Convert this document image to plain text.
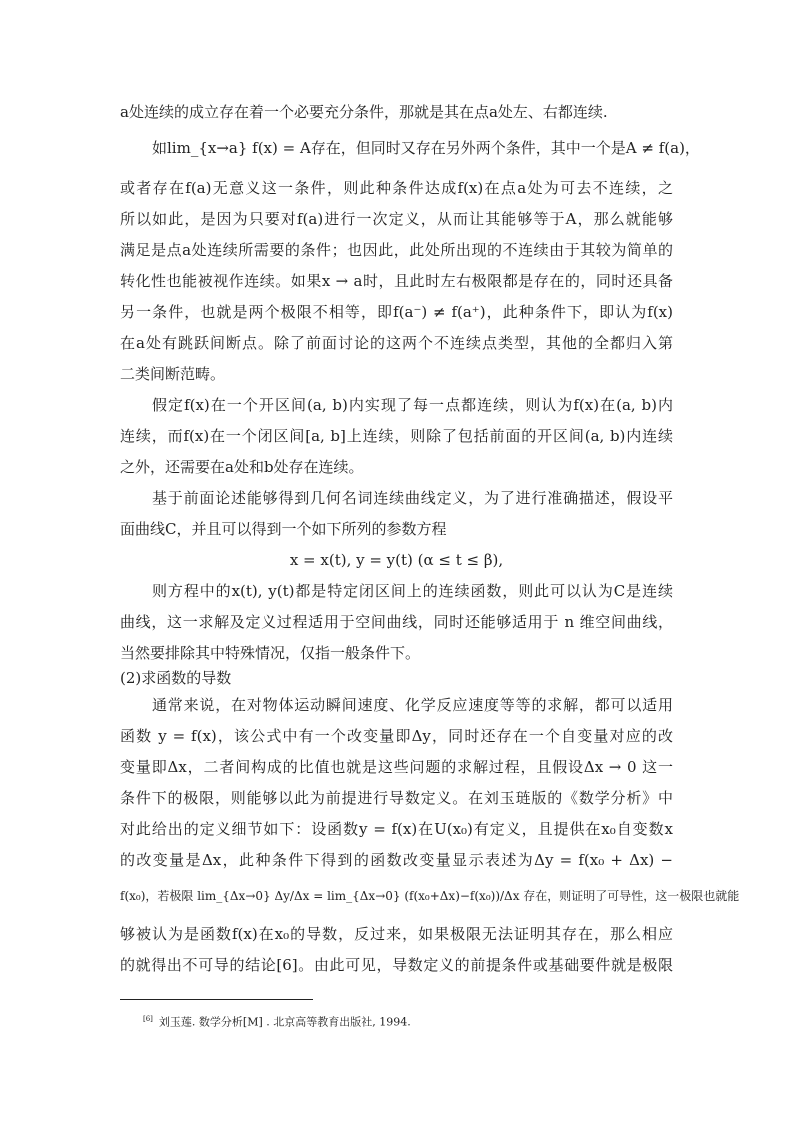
a处连续的成立存在着一个必要充分条件，那就是其在点a处左、右都连续.
如lim_{x→a} f(x) = A存在，但同时又存在另外两个条件，其中一个是A ≠ f(a)，
或者存在f(a)无意义这一条件，则此种条件达成f(x)在点a处为可去不连续，之
所以如此，是因为只要对f(a)进行一次定义，从而让其能够等于A，那么就能够
满足是点a处连续所需要的条件；也因此，此处所出现的不连续由于其较为简单的
转化性也能被视作连续。如果x → a时，且此时左右极限都是存在的，同时还具备
另一条件，也就是两个极限不相等，即f(a⁻) ≠ f(a⁺)，此种条件下，即认为f(x)
在a处有跳跃间断点。除了前面讨论的这两个不连续点类型，其他的全都归入第
二类间断范畴。
假定f(x)在一个开区间(a, b)内实现了每一点都连续，则认为f(x)在(a, b)内
连续，而f(x)在一个闭区间[a, b]上连续，则除了包括前面的开区间(a, b)内连续
之外，还需要在a处和b处存在连续。
基于前面论述能够得到几何名词连续曲线定义，为了进行准确描述，假设平
面曲线C，并且可以得到一个如下所列的参数方程
x = x(t), y = y(t) (α ≤ t ≤ β),
则方程中的x(t), y(t)都是特定闭区间上的连续函数，则此可以认为C是连续
曲线，这一求解及定义过程适用于空间曲线，同时还能够适用于 n 维空间曲线，
当然要排除其中特殊情况，仅指一般条件下。
(2)求函数的导数
通常来说，在对物体运动瞬间速度、化学反应速度等等的求解，都可以适用
函数 y = f(x)，该公式中有一个改变量即Δy，同时还存在一个自变量对应的改
变量即Δx，二者间构成的比值也就是这些问题的求解过程，且假设Δx → 0 这一
条件下的极限，则能够以此为前提进行导数定义。在刘玉琏版的《数学分析》中
对此给出的定义细节如下：设函数y = f(x)在U(x₀)有定义，且提供在x₀自变数x
的改变量是Δx，此种条件下得到的函数改变量显示表述为Δy = f(x₀ + Δx) −
f(x₀)，若极限 lim_{Δx→0} Δy/Δx = lim_{Δx→0} (f(x₀+Δx)−f(x₀))/Δx 存在，则证明了可导性，这一极限也就能
够被认为是函数f(x)在x₀的导数，反过来，如果极限无法证明其存在，那么相应
的就得出不可导的结论[6]。由此可见，导数定义的前提条件或基础要件就是极限
[6] 刘玉莲. 数学分析[M] . 北京高等教育出版社, 1994.
